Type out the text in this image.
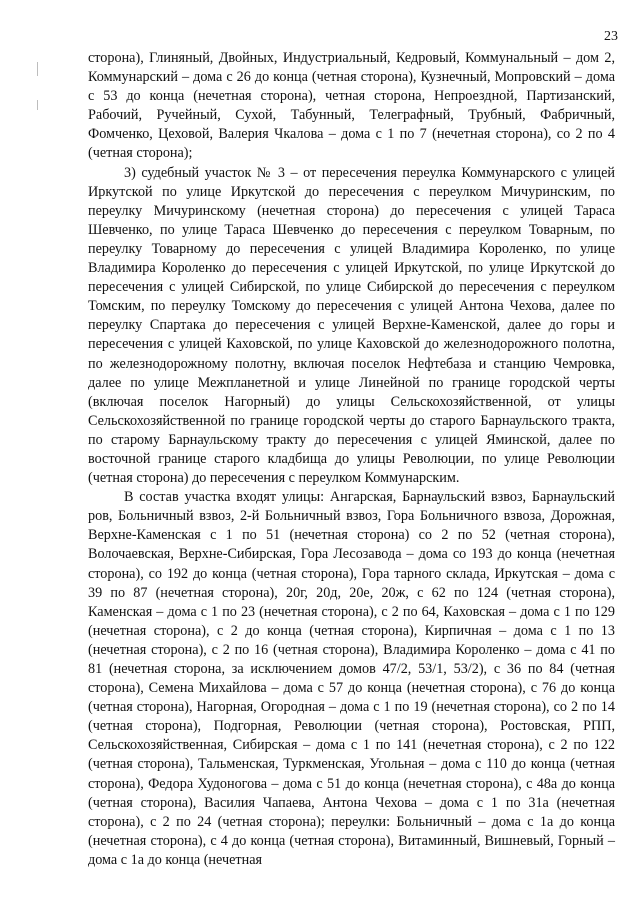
23

сторона), Глиняный, Двойных, Индустриальный, Кедровый, Коммунальный – дом 2, Коммунарский – дома с 26 до конца (четная сторона), Кузнечный, Мопровский – дома с 53 до конца (нечетная сторона), четная сторона, Непроездной, Партизанский, Рабочий, Ручейный, Сухой, Табунный, Телеграфный, Трубный, Фабричный, Фомченко, Цеховой, Валерия Чкалова – дома с 1 по 7 (нечетная сторона), со 2 по 4 (четная сторона);

3) судебный участок № 3 – от пересечения переулка Коммунарского с улицей Иркутской по улице Иркутской до пересечения с переулком Мичуринским, по переулку Мичуринскому (нечетная сторона) до пересечения с улицей Тараса Шевченко, по улице Тараса Шевченко до пересечения с переулком Товарным, по переулку Товарному до пересечения с улицей Владимира Короленко, по улице Владимира Короленко до пересечения с улицей Иркутской, по улице Иркутской до пересечения с улицей Сибирской, по улице Сибирской до пересечения с переулком Томским, по переулку Томскому до пересечения с улицей Антона Чехова, далее по переулку Спартака до пересечения с улицей Верхне-Каменской, далее до горы и пересечения с улицей Каховской, по улице Каховской до железнодорожного полотна, по железнодорожному полотну, включая поселок Нефтебаза и станцию Чемровка, далее по улице Межпланетной и улице Линейной по границе городской черты (включая поселок Нагорный) до улицы Сельскохозяйственной, от улицы Сельскохозяйственной по границе городской черты до старого Барнаульского тракта, по старому Барнаульскому тракту до пересечения с улицей Яминской, далее по восточной границе старого кладбища до улицы Революции, по улице Революции (четная сторона) до пересечения с переулком Коммунарским.

В состав участка входят улицы: Ангарская, Барнаульский взвоз, Барнаульский ров, Больничный взвоз, 2-й Больничный взвоз, Гора Больничного взвоза, Дорожная, Верхне-Каменская с 1 по 51 (нечетная сторона) со 2 по 52 (четная сторона), Волочаевская, Верхне-Сибирская, Гора Лесозавода – дома со 193 до конца (нечетная сторона), со 192 до конца (четная сторона), Гора тарного склада, Иркутская – дома с 39 по 87 (нечетная сторона), 20г, 20д, 20е, 20ж, с 62 по 124 (четная сторона), Каменская – дома с 1 по 23 (нечетная сторона), с 2 по 64, Каховская – дома с 1 по 129 (нечетная сторона), с 2 до конца (четная сторона), Кирпичная – дома с 1 по 13 (нечетная сторона), с 2 по 16 (четная сторона), Владимира Короленко – дома с 41 по 81 (нечетная сторона, за исключением домов 47/2, 53/1, 53/2), с 36 по 84 (четная сторона), Семена Михайлова – дома с 57 до конца (нечетная сторона), с 76 до конца (четная сторона), Нагорная, Огородная – дома с 1 по 19 (нечетная сторона), со 2 по 14 (четная сторона), Подгорная, Революции (четная сторона), Ростовская, РПП, Сельскохозяйственная, Сибирская – дома с 1 по 141 (нечетная сторона), с 2 по 122 (четная сторона), Тальменская, Туркменская, Угольная – дома с 110 до конца (четная сторона), Федора Худоногова – дома с 51 до конца (нечетная сторона), с 48а до конца (четная сторона), Василия Чапаева, Антона Чехова – дома с 1 по 31а (нечетная сторона), с 2 по 24 (четная сторона); переулки: Больничный – дома с 1а до конца (нечетная сторона), с 4 до конца (четная сторона), Витаминный, Вишневый, Горный – дома с 1а до конца (нечетная
